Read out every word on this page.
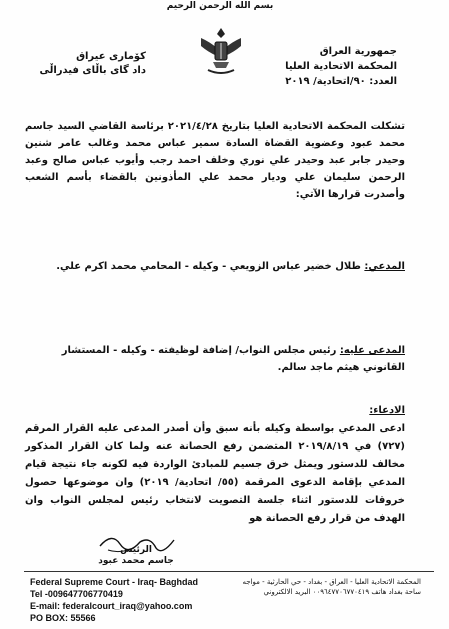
بسم الله الرحمن الرحيم
جمهورية العراق
المحكمة الاتحادية العليا
العدد: ٩٠/اتحادية/ ٢٠١٩
كۆماری عیراق
داد گای باڵای فیدراڵی

تشكلت المحكمة الاتحادية العليا بتاريخ ٢٠٢١/٤/٢٨ برئاسة القاضي السيد جاسم محمد عبود وعضوية القضاة السادة سمير عباس محمد وغالب عامر شنين وحيدر جابر عبد وحيدر علي نوري وخلف احمد رجب وأيوب عباس صالح وعبد الرحمن سليمان علي وديار محمد علي المأذونين بالقضاء بأسم الشعب وأصدرت قرارها الآتي:

المدعي: طلال خضير عباس الزويعي - وكيله - المحامي محمد اكرم علي.
المدعى عليه: رئيس مجلس النواب/ إضافة لوظيفته - وكيله - المستشار القانوني هيثم ماجد سالم.
الادعاء:
ادعى المدعي بواسطة وكيله بأنه سبق وأن أصدر المدعى عليه القرار المرقم (٧٢٧) في ٢٠١٩/٨/١٩ المتضمن رفع الحصانة عنه ولما كان القرار المذكور مخالف للدستور ويمثل خرق جسيم للمبادئ الواردة فيه لكونه جاء نتيجة قيام المدعي بإقامة الدعوى المرقمة (٥٥/ اتحادية/ ٢٠١٩) وان موضوعها حصول خروقات للدستور اثناء جلسة التصويت لانتخاب رئيس لمجلس النواب وان الهدف من قرار رفع الحصانة هو
الرئيس
جاسم محمد عبود
Federal Supreme Court - Iraq- Baghdad
Tel -009647706770419
E-mail: federalcourt_iraq@yahoo.com
PO BOX: 55566
المحكمة الاتحادية العليا - العراق - بغداد - حي الحارثية - مواجه ساحة بغداد هاتف ٠٠٩٦٤٧٧٠٦٧٧٠٤١٩ البريد الالكتروني
